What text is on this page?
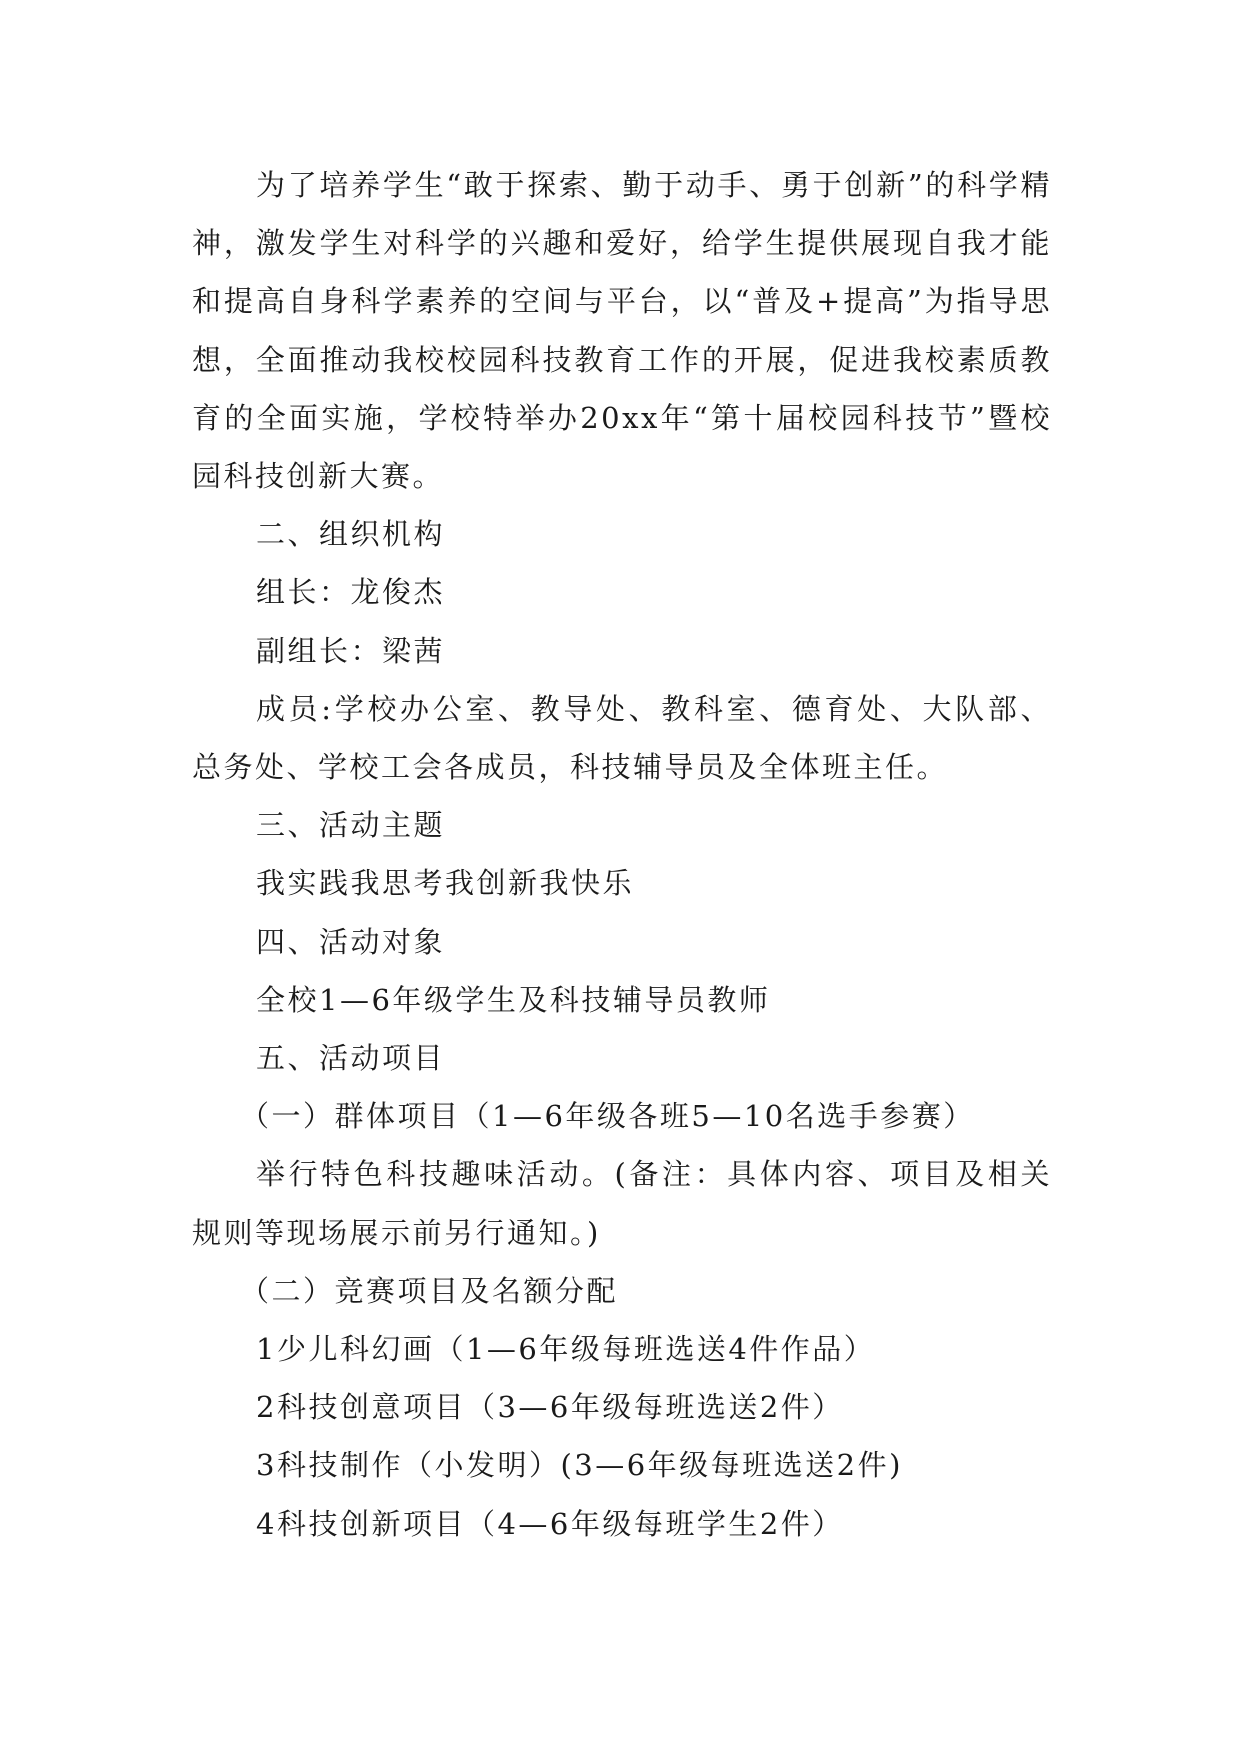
为了培养学生“敢于探索、勤于动手、勇于创新”的科学精神，激发学生对科学的兴趣和爱好，给学生提供展现自我才能和提高自身科学素养的空间与平台，以“普及+提高”为指导思想，全面推动我校校园科技教育工作的开展，促进我校素质教育的全面实施，学校特举办20xx年“第十届校园科技节”暨校园科技创新大赛。

二、组织机构

组长：龙俊杰

副组长：梁茜

成员:学校办公室、教导处、教科室、德育处、大队部、总务处、学校工会各成员，科技辅导员及全体班主任。

三、活动主题

我实践我思考我创新我快乐

四、活动对象

全校1—6年级学生及科技辅导员教师

五、活动项目

（一）群体项目（1—6年级各班5—10名选手参赛）

举行特色科技趣味活动。(备注：具体内容、项目及相关规则等现场展示前另行通知。)

（二）竞赛项目及名额分配

1少儿科幻画（1—6年级每班选送4件作品）

2科技创意项目（3—6年级每班选送2件）

3科技制作（小发明）(3—6年级每班选送2件)

4科技创新项目（4—6年级每班学生2件）
